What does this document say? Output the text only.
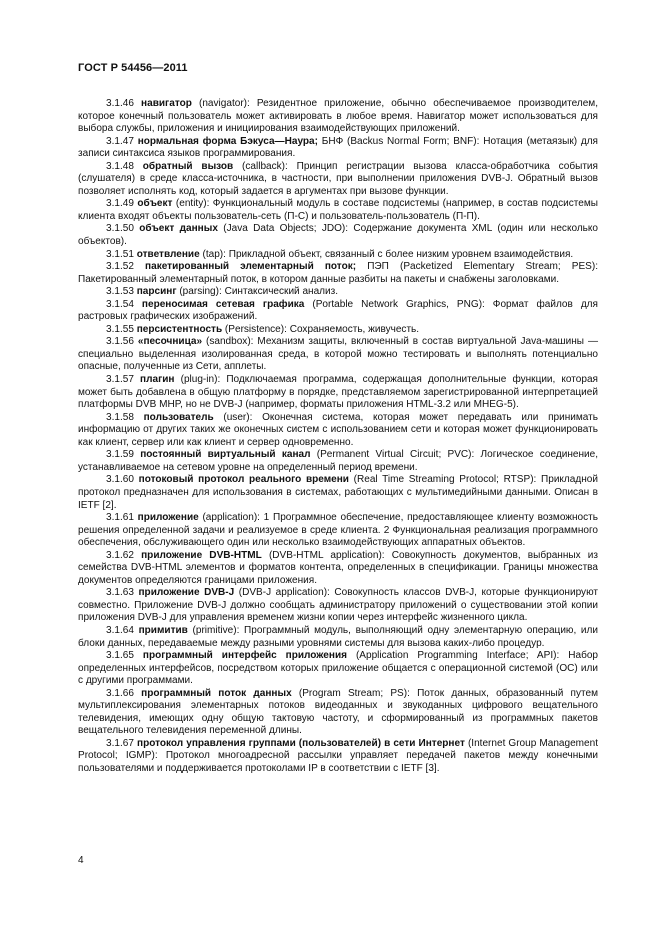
ГОСТ Р 54456—2011

3.1.46 навигатор (navigator): Резидентное приложение, обычно обеспечиваемое производителем, которое конечный пользователь может активировать в любое время. Навигатор может использоваться для выбора службы, приложения и инициирования взаимодействующих приложений.

3.1.47 нормальная форма Бэкуса—Наура; БНФ (Backus Normal Form; BNF): Нотация (метаязык) для записи синтаксиса языков программирования.

3.1.48 обратный вызов (callback): Принцип регистрации вызова класса-обработчика события (слушателя) в среде класса-источника, в частности, при выполнении приложения DVB-J. Обратный вызов позволяет исполнять код, который задается в аргументах при вызове функции.

3.1.49 объект (entity): Функциональный модуль в составе подсистемы (например, в состав подсистемы клиента входят объекты пользователь-сеть (П-С) и пользователь-пользователь (П-П).

3.1.50 объект данных (Java Data Objects; JDO): Содержание документа XML (один или несколько объектов).

3.1.51 ответвление (tap): Прикладной объект, связанный с более низким уровнем взаимодействия.

3.1.52 пакетированный элементарный поток; ПЭП (Packetized Elementary Stream; PES): Пакетированный элементарный поток, в котором данные разбиты на пакеты и снабжены заголовками.

3.1.53 парсинг (parsing): Синтаксический анализ.

3.1.54 переносимая сетевая графика (Portable Network Graphics, PNG): Формат файлов для растровых графических изображений.

3.1.55 персистентность (Persistence): Сохраняемость, живучесть.

3.1.56 «песочница» (sandbox): Механизм защиты, включенный в состав виртуальной Java-машины — специально выделенная изолированная среда, в которой можно тестировать и выполнять потенциально опасные, полученные из Сети, апплеты.

3.1.57 плагин (plug-in): Подключаемая программа, содержащая дополнительные функции, которая может быть добавлена в общую платформу в порядке, представляемом зарегистрированной интерпретацией платформы DVB MHP, но не DVB-J (например, форматы приложения HTML-3.2 или MHEG-5).

3.1.58 пользователь (user): Оконечная система, которая может передавать или принимать информацию от других таких же оконечных систем с использованием сети и которая может функционировать как клиент, сервер или как клиент и сервер одновременно.

3.1.59 постоянный виртуальный канал (Permanent Virtual Circuit; PVC): Логическое соединение, устанавливаемое на сетевом уровне на определенный период времени.

3.1.60 потоковый протокол реального времени (Real Time Streaming Protocol; RTSP): Прикладной протокол предназначен для использования в системах, работающих с мультимедийными данными. Описан в IETF [2].

3.1.61 приложение (application): 1 Программное обеспечение, предоставляющее клиенту возможность решения определенной задачи и реализуемое в среде клиента. 2 Функциональная реализация программного обеспечения, обслуживающего один или несколько взаимодействующих аппаратных объектов.

3.1.62 приложение DVB-HTML (DVB-HTML application): Совокупность документов, выбранных из семейства DVB-HTML элементов и форматов контента, определенных в спецификации. Границы множества документов определяются границами приложения.

3.1.63 приложение DVB-J (DVB-J application): Совокупность классов DVB-J, которые функционируют совместно. Приложение DVB-J должно сообщать администратору приложений о существовании этой копии приложения DVB-J для управления временем жизни копии через интерфейс жизненного цикла.

3.1.64 примитив (primitive): Программный модуль, выполняющий одну элементарную операцию, или блоки данных, передаваемые между разными уровнями системы для вызова каких-либо процедур.

3.1.65 программный интерфейс приложения (Application Programming Interface; API): Набор определенных интерфейсов, посредством которых приложение общается с операционной системой (ОС) или с другими программами.

3.1.66 программный поток данных (Program Stream; PS): Поток данных, образованный путем мультиплексирования элементарных потоков видеоданных и звукоданных цифрового вещательного телевидения, имеющих одну общую тактовую частоту, и сформированный из программных пакетов вещательного телевидения переменной длины.

3.1.67 протокол управления группами (пользователей) в сети Интернет (Internet Group Management Protocol; IGMP): Протокол многоадресной рассылки управляет передачей пакетов между конечными пользователями и поддерживается протоколами IP в соответствии с IETF [3].

4
